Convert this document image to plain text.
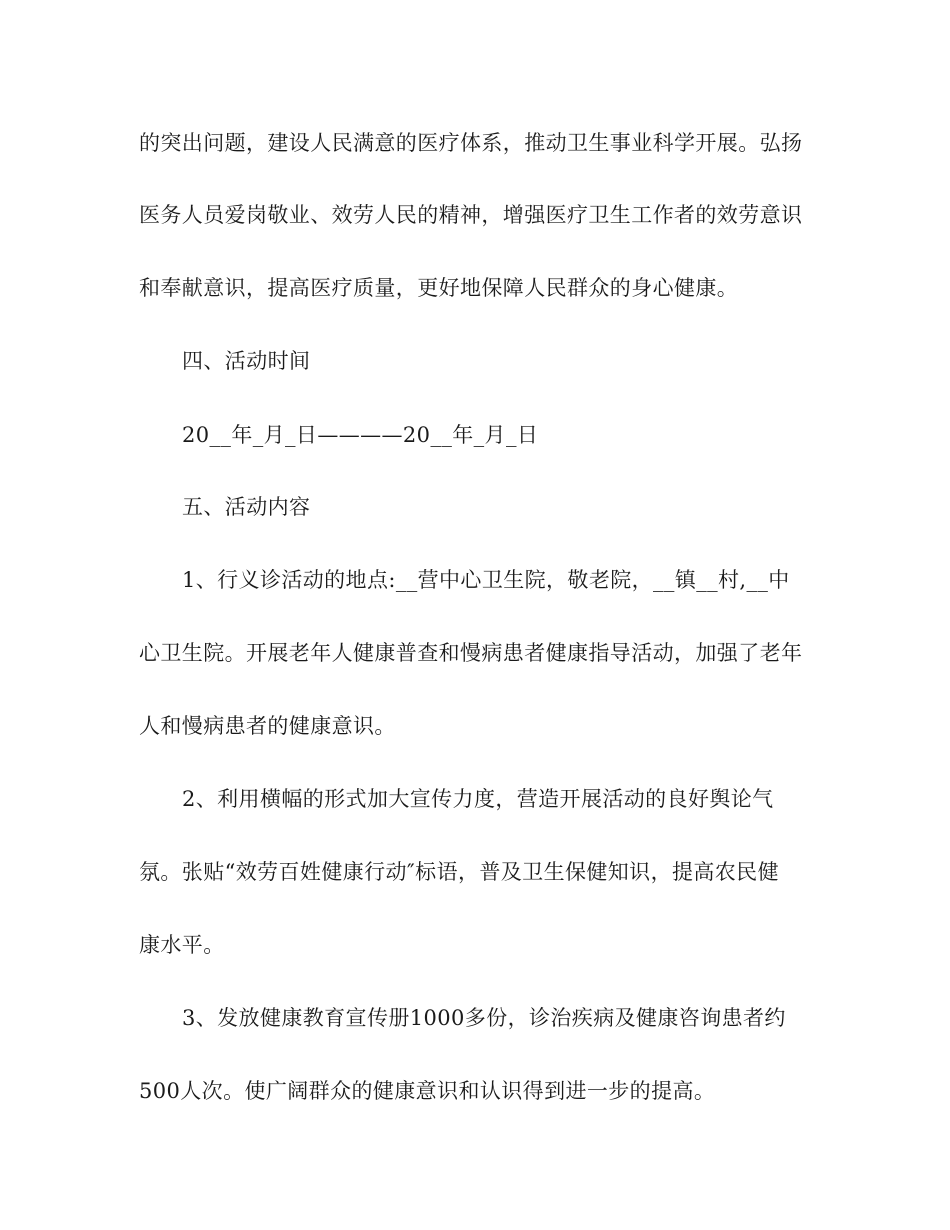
的突出问题，建设人民满意的医疗体系，推动卫生事业科学开展。弘扬
医务人员爱岗敬业、效劳人民的精神，增强医疗卫生工作者的效劳意识
和奉献意识，提高医疗质量，更好地保障人民群众的身心健康。
四、活动时间
20__年_月_日————20__年_月_日
五、活动内容
1、行义诊活动的地点:__营中心卫生院，敬老院，__镇__村,__中
心卫生院。开展老年人健康普查和慢病患者健康指导活动，加强了老年
人和慢病患者的健康意识。
2、利用横幅的形式加大宣传力度，营造开展活动的良好舆论气
氛。张贴“效劳百姓健康行动″标语，普及卫生保健知识，提高农民健
康水平。
3、发放健康教育宣传册1000多份，诊治疾病及健康咨询患者约
500人次。使广阔群众的健康意识和认识得到进一步的提高。
